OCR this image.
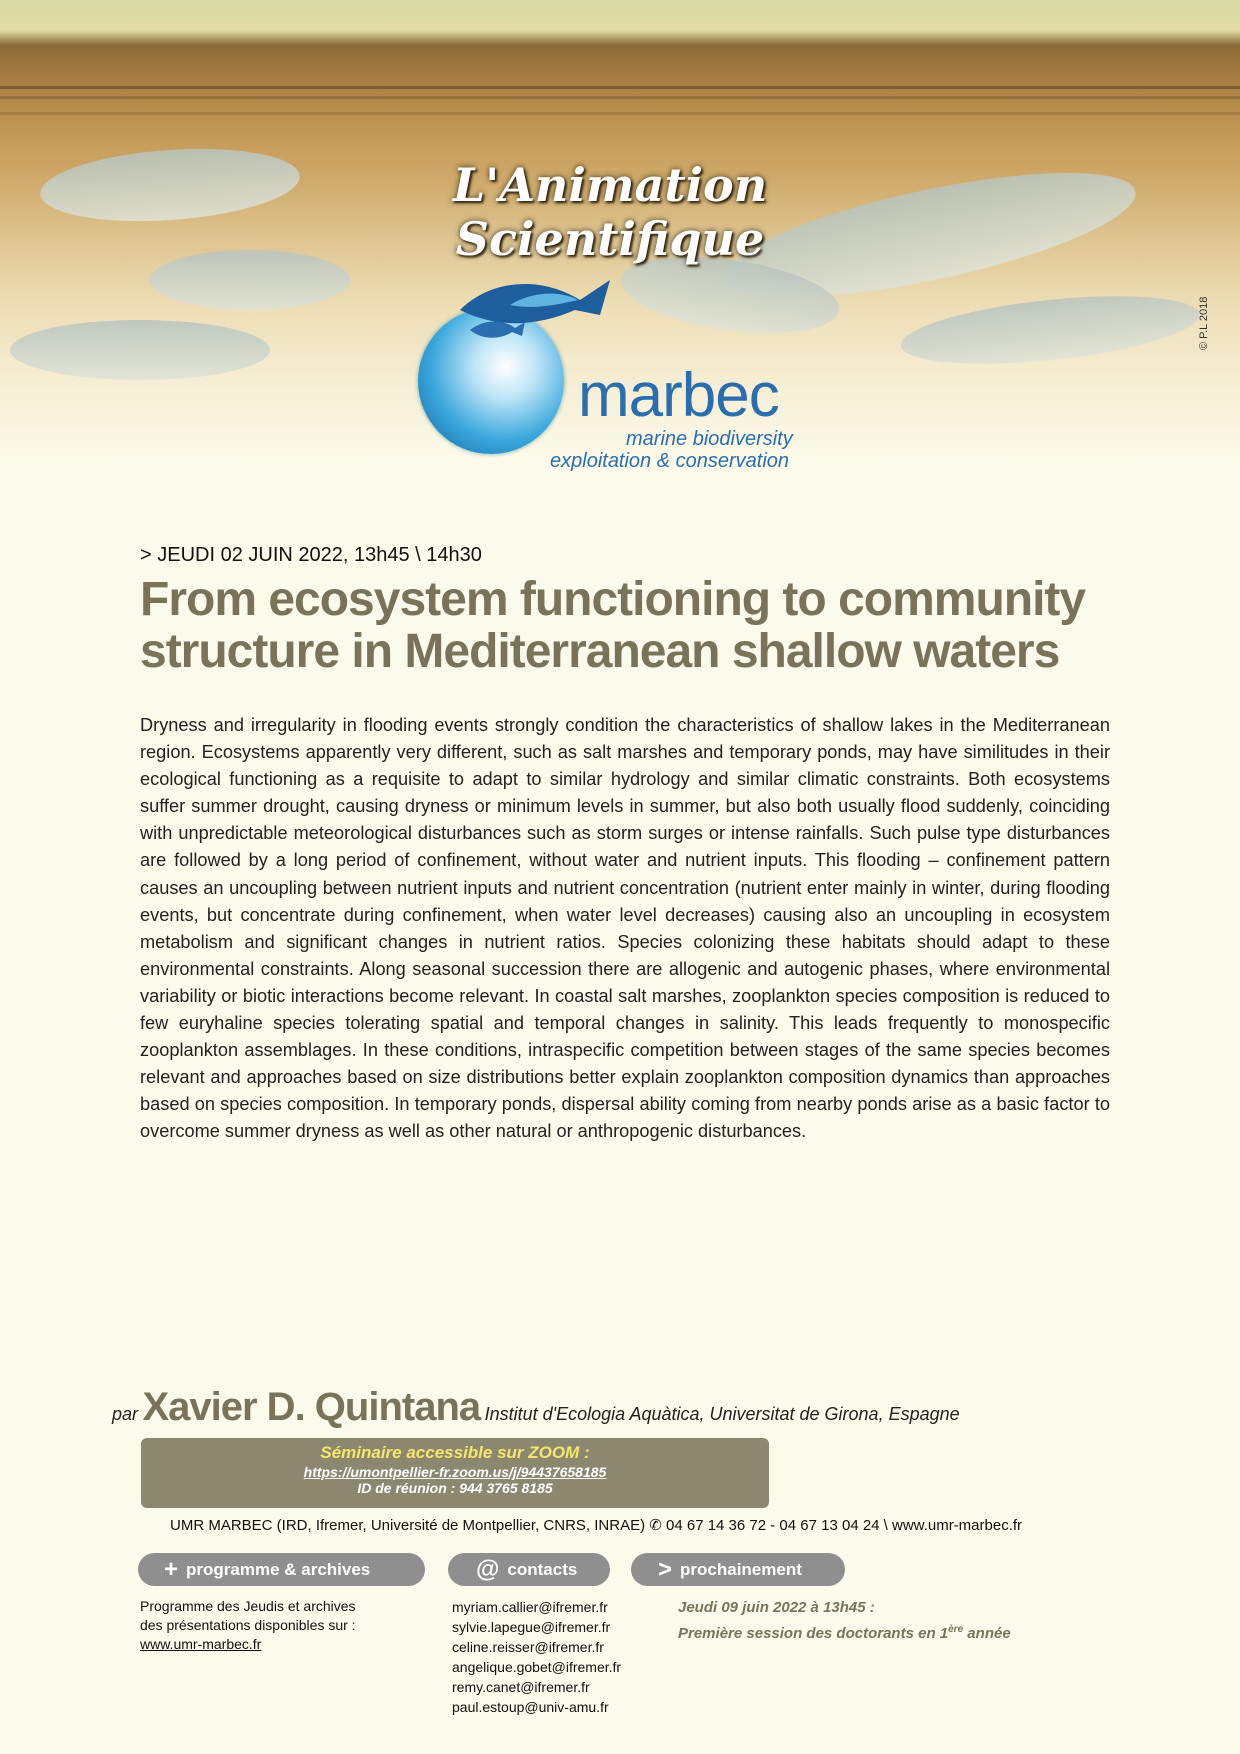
© P.L 2018
L'Animation Scientifique
marbec
marine biodiversity
exploitation & conservation
> JEUDI 02 JUIN 2022, 13h45 \ 14h30
From ecosystem functioning to community
structure in Mediterranean shallow waters
Dryness and irregularity in flooding events strongly condition the characteristics of shallow lakes in the Mediterranean region. Ecosystems apparently very different, such as salt marshes and temporary ponds, may have similitudes in their ecological functioning as a requisite to adapt to similar hydrology and similar climatic constraints. Both ecosystems suffer summer drought, causing dryness or minimum levels in summer, but also both usually flood suddenly, coinciding with unpredictable meteorological disturbances such as storm surges or intense rainfalls. Such pulse type disturbances are followed by a long period of confinement, without water and nutrient inputs. This flooding – confinement pattern causes an uncoupling between nutrient inputs and nutrient concentration (nutrient enter mainly in winter, during flooding events, but concentrate during confinement, when water level decreases) causing also an uncoupling in ecosystem metabolism and significant changes in nutrient ratios. Species colonizing these habitats should adapt to these environmental constraints. Along seasonal succession there are allogenic and autogenic phases, where environmental variability or biotic interactions become relevant. In coastal salt marshes, zooplankton species composition is reduced to few euryhaline species tolerating spatial and temporal changes in salinity. This leads frequently to monospecific zooplankton assemblages. In these conditions, intraspecific competition between stages of the same species becomes relevant and approaches based on size distributions better explain zooplankton composition dynamics than approaches based on species composition. In temporary ponds, dispersal ability coming from nearby ponds arise as a basic factor to overcome summer dryness as well as other natural or anthropogenic disturbances.
par Xavier D. Quintana Institut d'Ecologia Aquàtica, Universitat de Girona, Espagne
Séminaire accessible sur ZOOM :
https://umontpellier-fr.zoom.us/j/94437658185
ID de réunion : 944 3765 8185
UMR MARBEC (IRD, Ifremer, Université de Montpellier, CNRS, INRAE) ✆ 04 67 14 36 72 - 04 67 13 04 24 \ www.umr-marbec.fr
+ programme & archives	@ contacts	> prochainement
Programme des Jeudis et archives
des présentations disponibles sur :
www.umr-marbec.fr
myriam.callier@ifremer.fr
sylvie.lapegue@ifremer.fr
celine.reisser@ifremer.fr
angelique.gobet@ifremer.fr
remy.canet@ifremer.fr
paul.estoup@univ-amu.fr
Jeudi 09 juin 2022 à 13h45 :
Première session des doctorants en 1ère année
